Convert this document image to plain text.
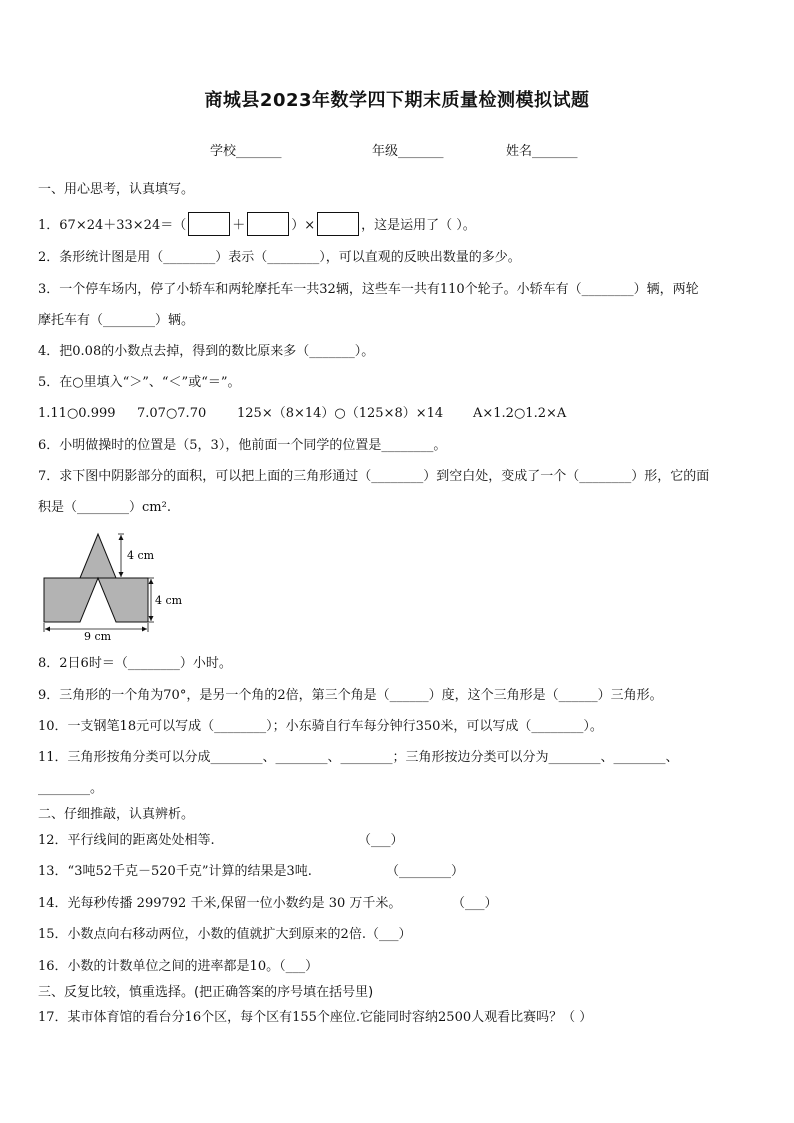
商城县2023年数学四下期末质量检测模拟试题
学校_______	年级_______	姓名_______
一、用心思考，认真填写。
1．67×24＋33×24＝（	＋	）×	，这是运用了（ ）。
2．条形统计图是用（________）表示（________），可以直观的反映出数量的多少。
3．一个停车场内，停了小轿车和两轮摩托车一共32辆，这些车一共有110个轮子。小轿车有（________）辆，两轮
摩托车有（________）辆。
4．把0.08的小数点去掉，得到的数比原来多（_______）。
5．在○里填入“＞”、“＜”或“＝”。
1.11○0.999 7.07○7.70 125×（8×14）○（125×8）×14 A×1.2○1.2×A
6．小明做操时的位置是（5，3），他前面一个同学的位置是________。
7．求下图中阴影部分的面积，可以把上面的三角形通过（________）到空白处，变成了一个（________）形，它的面
积是（________）cm².
4 cm
4 cm
9 cm
8．2日6时＝（________）小时。
9．三角形的一个角为70°，是另一个角的2倍，第三个角是（______）度，这个三角形是（______）三角形。
10．一支钢笔18元可以写成（________）；小东骑自行车每分钟行350米，可以写成（________）。
11．三角形按角分类可以分成________、________、________；三角形按边分类可以分为________、________、
________。
二、仔细推敲，认真辨析。
12．平行线间的距离处处相等.	（___）
13．“3吨52千克－520千克”计算的结果是3吨.	（________）
14．光每秒传播 299792 千米,保留一位小数约是 30 万千米。	（___）
15．小数点向右移动两位，小数的值就扩大到原来的2倍.（___）
16．小数的计数单位之间的进率都是10。（___）
三、反复比较，慎重选择。(把正确答案的序号填在括号里)
17．某市体育馆的看台分16个区，每个区有155个座位.它能同时容纳2500人观看比赛吗？（ ）
